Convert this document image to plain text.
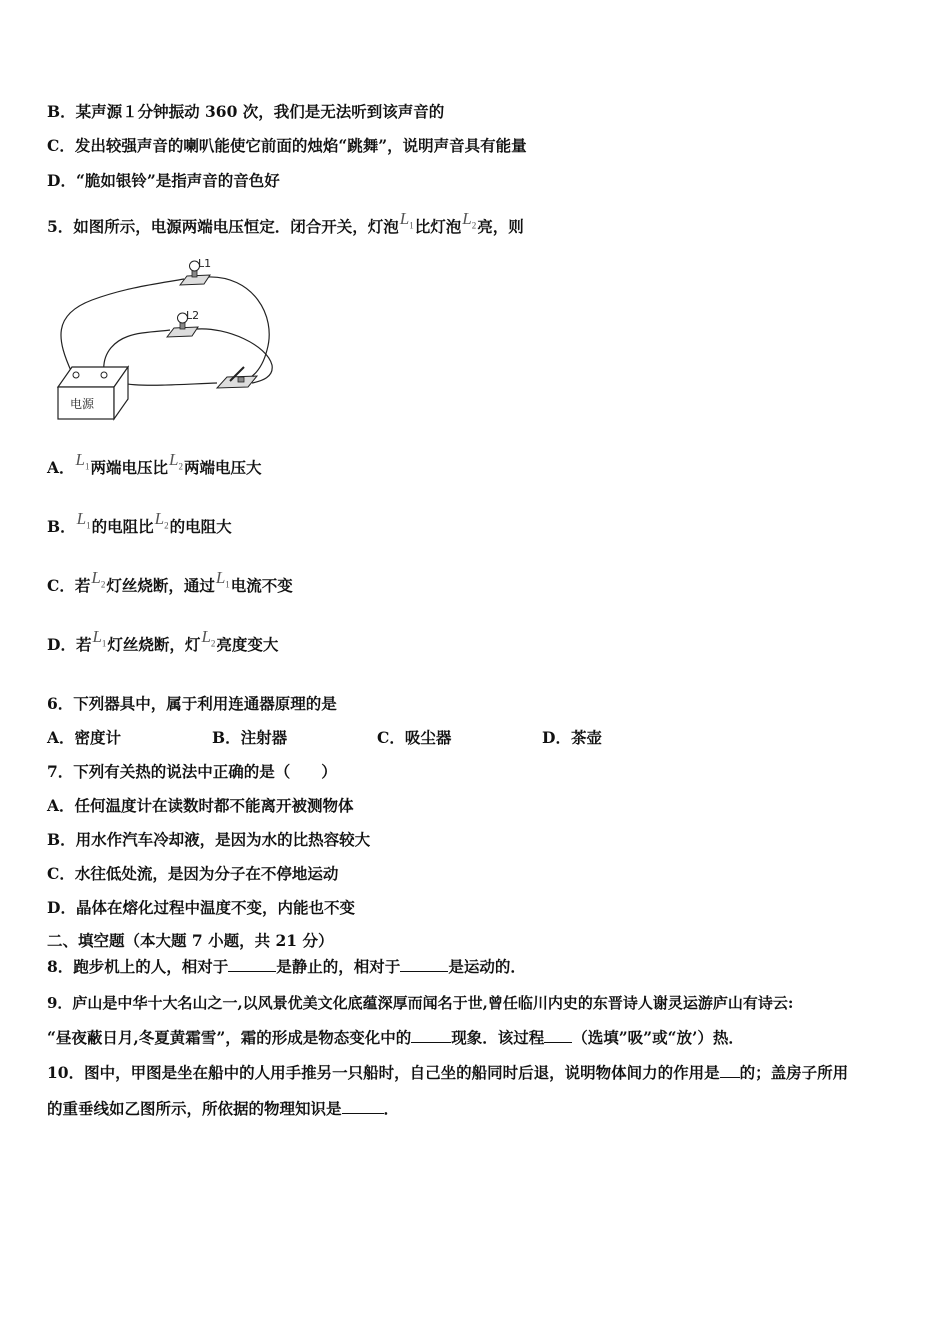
B．某声源１分钟振动 360 次，我们是无法听到该声音的
C．发出较强声音的喇叭能使它前面的烛焰“跳舞”，说明声音具有能量
D．“脆如银铃”是指声音的音色好
5．如图所示，电源两端电压恒定．闭合开关，灯泡$L_1$比灯泡$L_2$亮，则
L1
L2
电源
A．$L_1$两端电压比$L_2$两端电压大
B．$L_1$的电阻比$L_2$的电阻大
C．若$L_2$灯丝烧断，通过$L_1$电流不变
D．若$L_1$灯丝烧断，灯$L_2$亮度变大
6．下列器具中，属于利用连通器原理的是
A．密度计	B．注射器	C．吸尘器	D．茶壶
7．下列有关热的说法中正确的是（　　）
A．任何温度计在读数时都不能离开被测物体
B．用水作汽车冷却液，是因为水的比热容较大
C．水往低处流，是因为分子在不停地运动
D．晶体在熔化过程中温度不变，内能也不变
二、填空题（本大题 7 小题，共 21 分）
8．跑步机上的人，相对于	是静止的，相对于	是运动的．
9．庐山是中华十大名山之一,以风景优美文化底蕴深厚而闻名于世,曾任临川内史的东晋诗人谢灵运游庐山有诗云:
“昼夜蔽日月,冬夏黄霜雪”，霜的形成是物态变化中的	现象．该过程 （选填”吸”或“放’）热．
10．图中，甲图是坐在船中的人用手推另一只船时，自己坐的船同时后退，说明物体间力的作用是 的；盖房子所用
的重垂线如乙图所示，所依据的物理知识是	．
